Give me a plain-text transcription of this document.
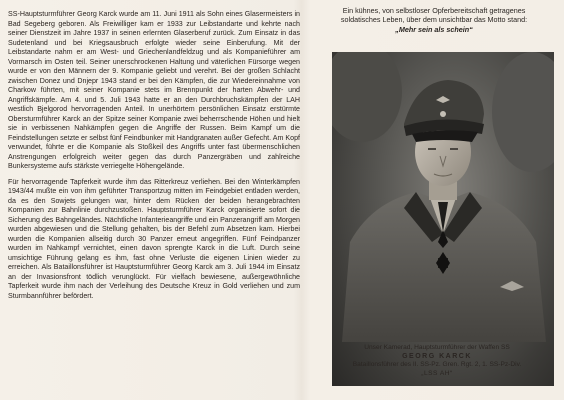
SS-Hauptsturmführer Georg Karck wurde am 11. Juni 1911 als Sohn eines Glasermeisters in Bad Segeberg geboren. Als Freiwilliger kam er 1933 zur Leibstandarte und kehrte nach seiner Dienstzeit im Jahre 1937 in seinen erlernten Glaserberuf zurück. Zum Einsatz in das Sudetenland und bei Kriegsausbruch erfolgte wieder seine Einberufung. Mit der Leibstandarte nahm er am West- und Griechenlandfeldzug und als Kompanieführer am Vormarsch im Osten teil. Seiner unerschrockenen Haltung und väterlichen Fürsorge wegen wurde er von den Männern der 9. Kompanie geliebt und verehrt. Bei der großen Schlacht zwischen Donez und Dnjepr 1943 stand er bei den Kämpfen, die zur Wiedereinnahme von Charkow führten, mit seiner Kompanie stets im Brennpunkt der harten Abwehr- und Angriffskämpfe. Am 4. und 5. Juli 1943 hatte er an den Durchbruchskämpfen der LAH westlich Bjelgorod hervorragenden Anteil. In unerhörtem persönlichen Einsatz erstürmte Obersturmführer Karck an der Spitze seiner Kompanie zwei beherrschende Höhen und hielt sie in verbissenen Nahkämpfen gegen die Angriffe der Russen. Beim Kampf um die Feindstellungen setzte er selbst fünf Feindbunker mit Handgranaten außer Gefecht. Am Kopf verwundet, führte er die Kompanie als Stoßkeil des Angriffs unter fast übermenschlichen Anstrengungen erfolgreich weiter gegen das durch Panzergräben und zahlreiche Bunkersysteme aufs stärkste verriegelte Höhengelände.

Für hervorragende Tapferkeit wurde ihm das Ritterkreuz verliehen. Bei den Winterkämpfen 1943/44 mußte ein von ihm geführter Transportzug mitten im Feindgebiet entladen werden, da es den Sowjets gelungen war, hinter dem Rücken der beiden herangebrachten Kompanien zur Bahnlinie durchzustoßen. Hauptsturmführer Karck organisierte sofort die Sicherung des Bahngeländes. Nächtliche Infanterieangriffe und ein Panzerangriff am Morgen wurden abgewiesen und die Stellung gehalten, bis der Befehl zum Absetzen kam. Hierbei wurden die Kompanien allseitig durch 30 Panzer erneut angegriffen. Fünf Feindpanzer wurden im Nahkampf vernichtet, einen davon sprengte Karck in die Luft. Durch seine umsichtige Führung gelang es ihm, fast ohne Verluste die eigenen Linien wieder zu erreichen. Als Bataillonsführer ist Hauptsturmführer Georg Karck am 3. Juli 1944 im Einsatz an der Invasionsfront tödlich verunglückt. Für vielfach bewiesene, außergewöhnliche Tapferkeit wurde ihm nach der Verleihung des Deutsche Kreuz in Gold verliehen und zum Sturmbannführer befördert.

Ein kühnes, von selbstloser Opferbereitschaft getragenes
soldatisches Leben, über dem unsichtbar das Motto stand:
„Mehr sein als schein“
Unser Kamerad, Hauptsturmführer der Waffen SS
GEORG KARCK
Bataillonsführer des II. SS-Pz. Gren. Rgt. 2, 1. SS-Pz-Div.
„LSS AH“
